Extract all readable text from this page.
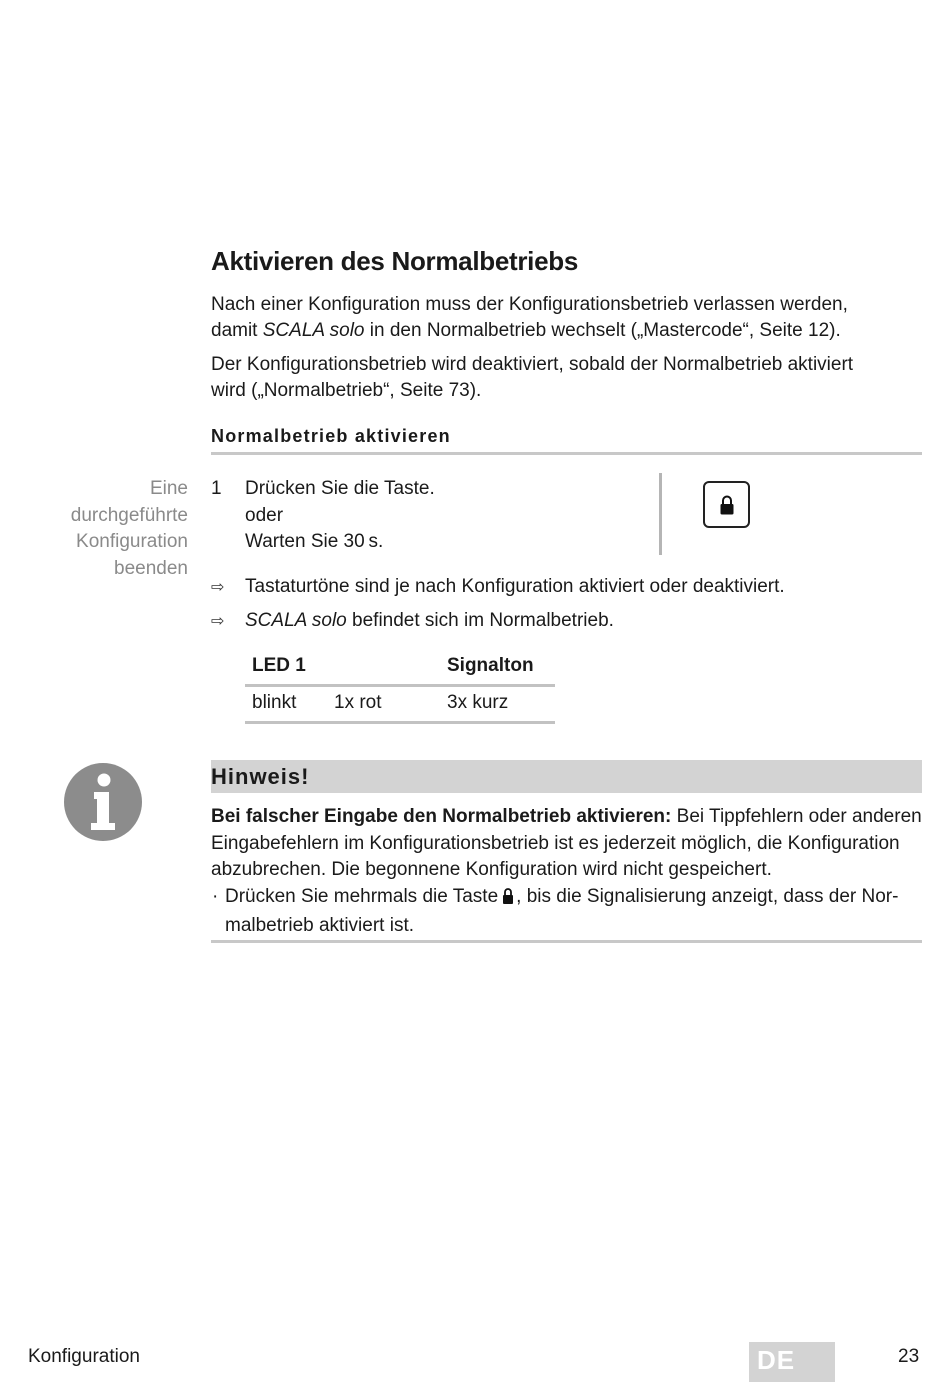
Aktivieren des Normalbetriebs
Nach einer Konfiguration muss der Konfigurationsbetrieb verlassen werden,
damit SCALA solo in den Normalbetrieb wechselt („Mastercode“, Seite 12).
Der Konfigurationsbetrieb wird deaktiviert, sobald der Normalbetrieb aktiviert
wird („Normalbetrieb“, Seite 73).
Normalbetrieb aktivieren
Eine
durchgeführte
Konfiguration
beenden
1 Drücken Sie die Taste.
oder
Warten Sie 30 s.
⇨ Tastaturtöne sind je nach Konfiguration aktiviert oder deaktiviert.
⇨ SCALA solo befindet sich im Normalbetrieb.
LED 1	Signalton
blinkt 1x rot	3x kurz
Hinweis!
Bei falscher Eingabe den Normalbetrieb aktivieren: Bei Tippfehlern oder anderen Eingabefehlern im Konfigurationsbetrieb ist es jederzeit möglich, die Konfiguration abzubrechen. Die begonnene Konfiguration wird nicht gespeichert.
· Drücken Sie mehrmals die Taste , bis die Signalisierung anzeigt, dass der Normalbetrieb aktiviert ist.
Konfiguration	DE	23
